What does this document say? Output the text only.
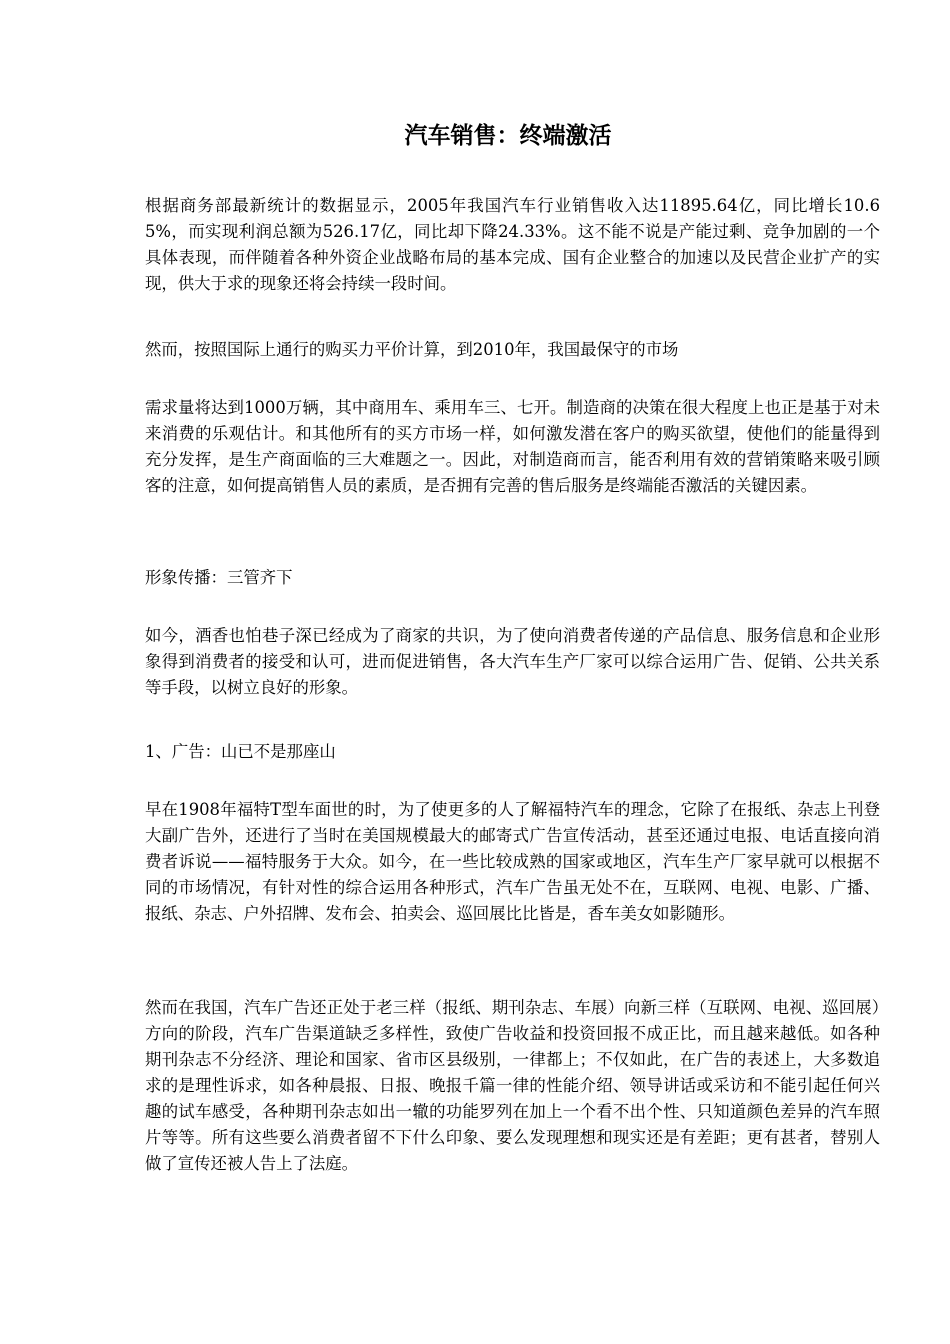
汽车销售：终端激活

根据商务部最新统计的数据显示，2005年我国汽车行业销售收入达11895.64亿，同比增长10.65%，而实现利润总额为526.17亿，同比却下降24.33%。这不能不说是产能过剩、竞争加剧的一个具体表现，而伴随着各种外资企业战略布局的基本完成、国有企业整合的加速以及民营企业扩产的实现，供大于求的现象还将会持续一段时间。

然而，按照国际上通行的购买力平价计算，到2010年，我国最保守的市场

需求量将达到1000万辆，其中商用车、乘用车三、七开。制造商的决策在很大程度上也正是基于对未来消费的乐观估计。和其他所有的买方市场一样，如何激发潜在客户的购买欲望，使他们的能量得到充分发挥，是生产商面临的三大难题之一。因此，对制造商而言，能否利用有效的营销策略来吸引顾客的注意，如何提高销售人员的素质，是否拥有完善的售后服务是终端能否激活的关键因素。

形象传播：三管齐下

如今，酒香也怕巷子深已经成为了商家的共识，为了使向消费者传递的产品信息、服务信息和企业形象得到消费者的接受和认可，进而促进销售，各大汽车生产厂家可以综合运用广告、促销、公共关系等手段，以树立良好的形象。

1、广告：山已不是那座山

早在1908年福特T型车面世的时，为了使更多的人了解福特汽车的理念，它除了在报纸、杂志上刊登大副广告外，还进行了当时在美国规模最大的邮寄式广告宣传活动，甚至还通过电报、电话直接向消费者诉说——福特服务于大众。如今，在一些比较成熟的国家或地区，汽车生产厂家早就可以根据不同的市场情况，有针对性的综合运用各种形式，汽车广告虽无处不在，互联网、电视、电影、广播、报纸、杂志、户外招牌、发布会、拍卖会、巡回展比比皆是，香车美女如影随形。

然而在我国，汽车广告还正处于老三样（报纸、期刊杂志、车展）向新三样（互联网、电视、巡回展）方向的阶段，汽车广告渠道缺乏多样性，致使广告收益和投资回报不成正比，而且越来越低。如各种期刊杂志不分经济、理论和国家、省市区县级别，一律都上；不仅如此，在广告的表述上，大多数追求的是理性诉求，如各种晨报、日报、晚报千篇一律的性能介绍、领导讲话或采访和不能引起任何兴趣的试车感受，各种期刊杂志如出一辙的功能罗列在加上一个看不出个性、只知道颜色差异的汽车照片等等。所有这些要么消费者留不下什么印象、要么发现理想和现实还是有差距；更有甚者，替别人做了宣传还被人告上了法庭。
